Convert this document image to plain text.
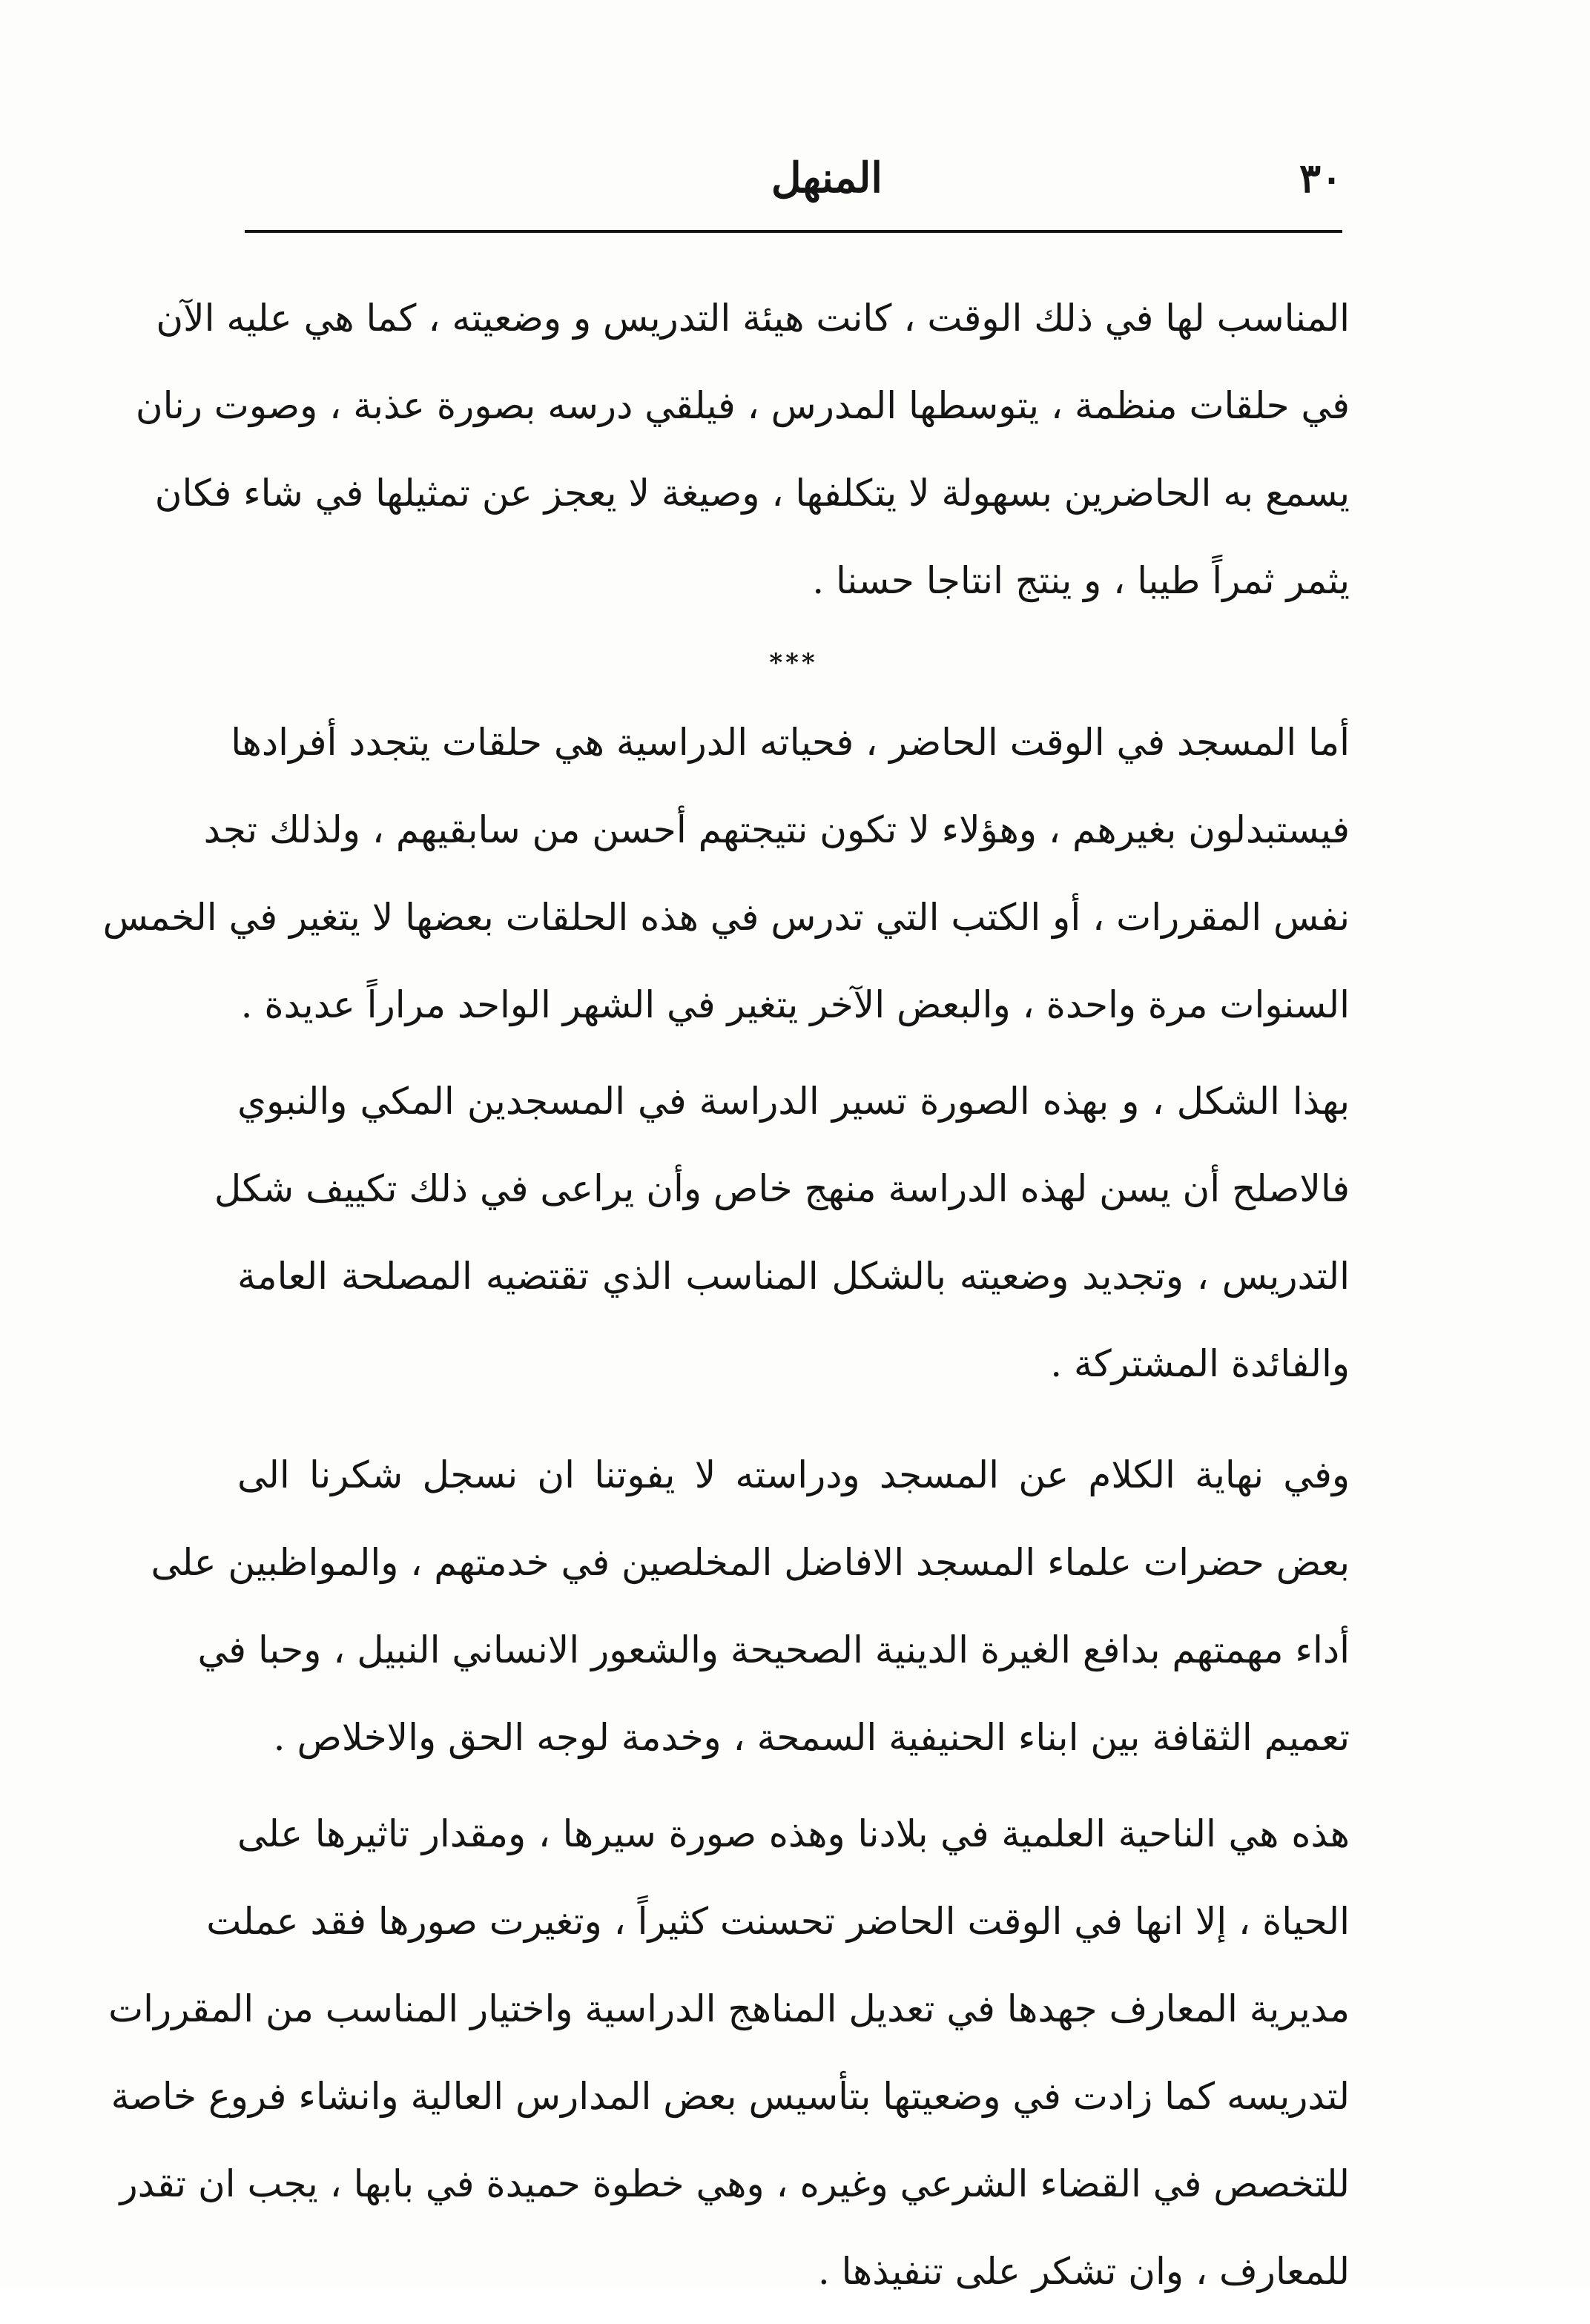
٣٠
المنهل
المناسب لها في ذلك الوقت ، كانت هيئة التدريس و وضعيته ، كما هي عليه الآن
في حلقات منظمة ، يتوسطها المدرس ، فيلقي درسه بصورة عذبة ، وصوت رنان
يسمع به الحاضرين بسهولة لا يتكلفها ، وصيغة لا يعجز عن تمثيلها في شاء فكان
يثمر ثمراً طيبا ، و ينتج انتاجا حسنا .
***
أما المسجد في الوقت الحاضر ، فحياته الدراسية هي حلقات يتجدد أفرادها
فيستبدلون بغيرهم ، وهؤلاء لا تكون نتيجتهم أحسن من سابقيهم ، ولذلك تجد
نفس المقررات ، أو الكتب التي تدرس في هذه الحلقات بعضها لا يتغير في الخمس
السنوات مرة واحدة ، والبعض الآخر يتغير في الشهر الواحد مراراً عديدة .
بهذا الشكل ، و بهذه الصورة تسير الدراسة في المسجدين المكي والنبوي
فالاصلح أن يسن لهذه الدراسة منهج خاص وأن يراعى في ذلك تكييف شكل
التدريس ، وتجديد وضعيته بالشكل المناسب الذي تقتضيه المصلحة العامة
والفائدة المشتركة .
وفي نهاية الكلام عن المسجد ودراسته لا يفوتنا ان نسجل شكرنا الى
بعض حضرات علماء المسجد الافاضل المخلصين في خدمتهم ، والمواظبين على
أداء مهمتهم بدافع الغيرة الدينية الصحيحة والشعور الانساني النبيل ، وحبا في
تعميم الثقافة بين ابناء الحنيفية السمحة ، وخدمة لوجه الحق والاخلاص .
هذه هي الناحية العلمية في بلادنا وهذه صورة سيرها ، ومقدار تاثيرها على
الحياة ، إلا انها في الوقت الحاضر تحسنت كثيراً ، وتغيرت صورها فقد عملت
مديرية المعارف جهدها في تعديل المناهج الدراسية واختيار المناسب من المقررات
لتدريسه كما زادت في وضعيتها بتأسيس بعض المدارس العالية وانشاء فروع خاصة
للتخصص في القضاء الشرعي وغيره ، وهي خطوة حميدة في بابها ، يجب ان تقدر
للمعارف ، وان تشكر على تنفيذها .
